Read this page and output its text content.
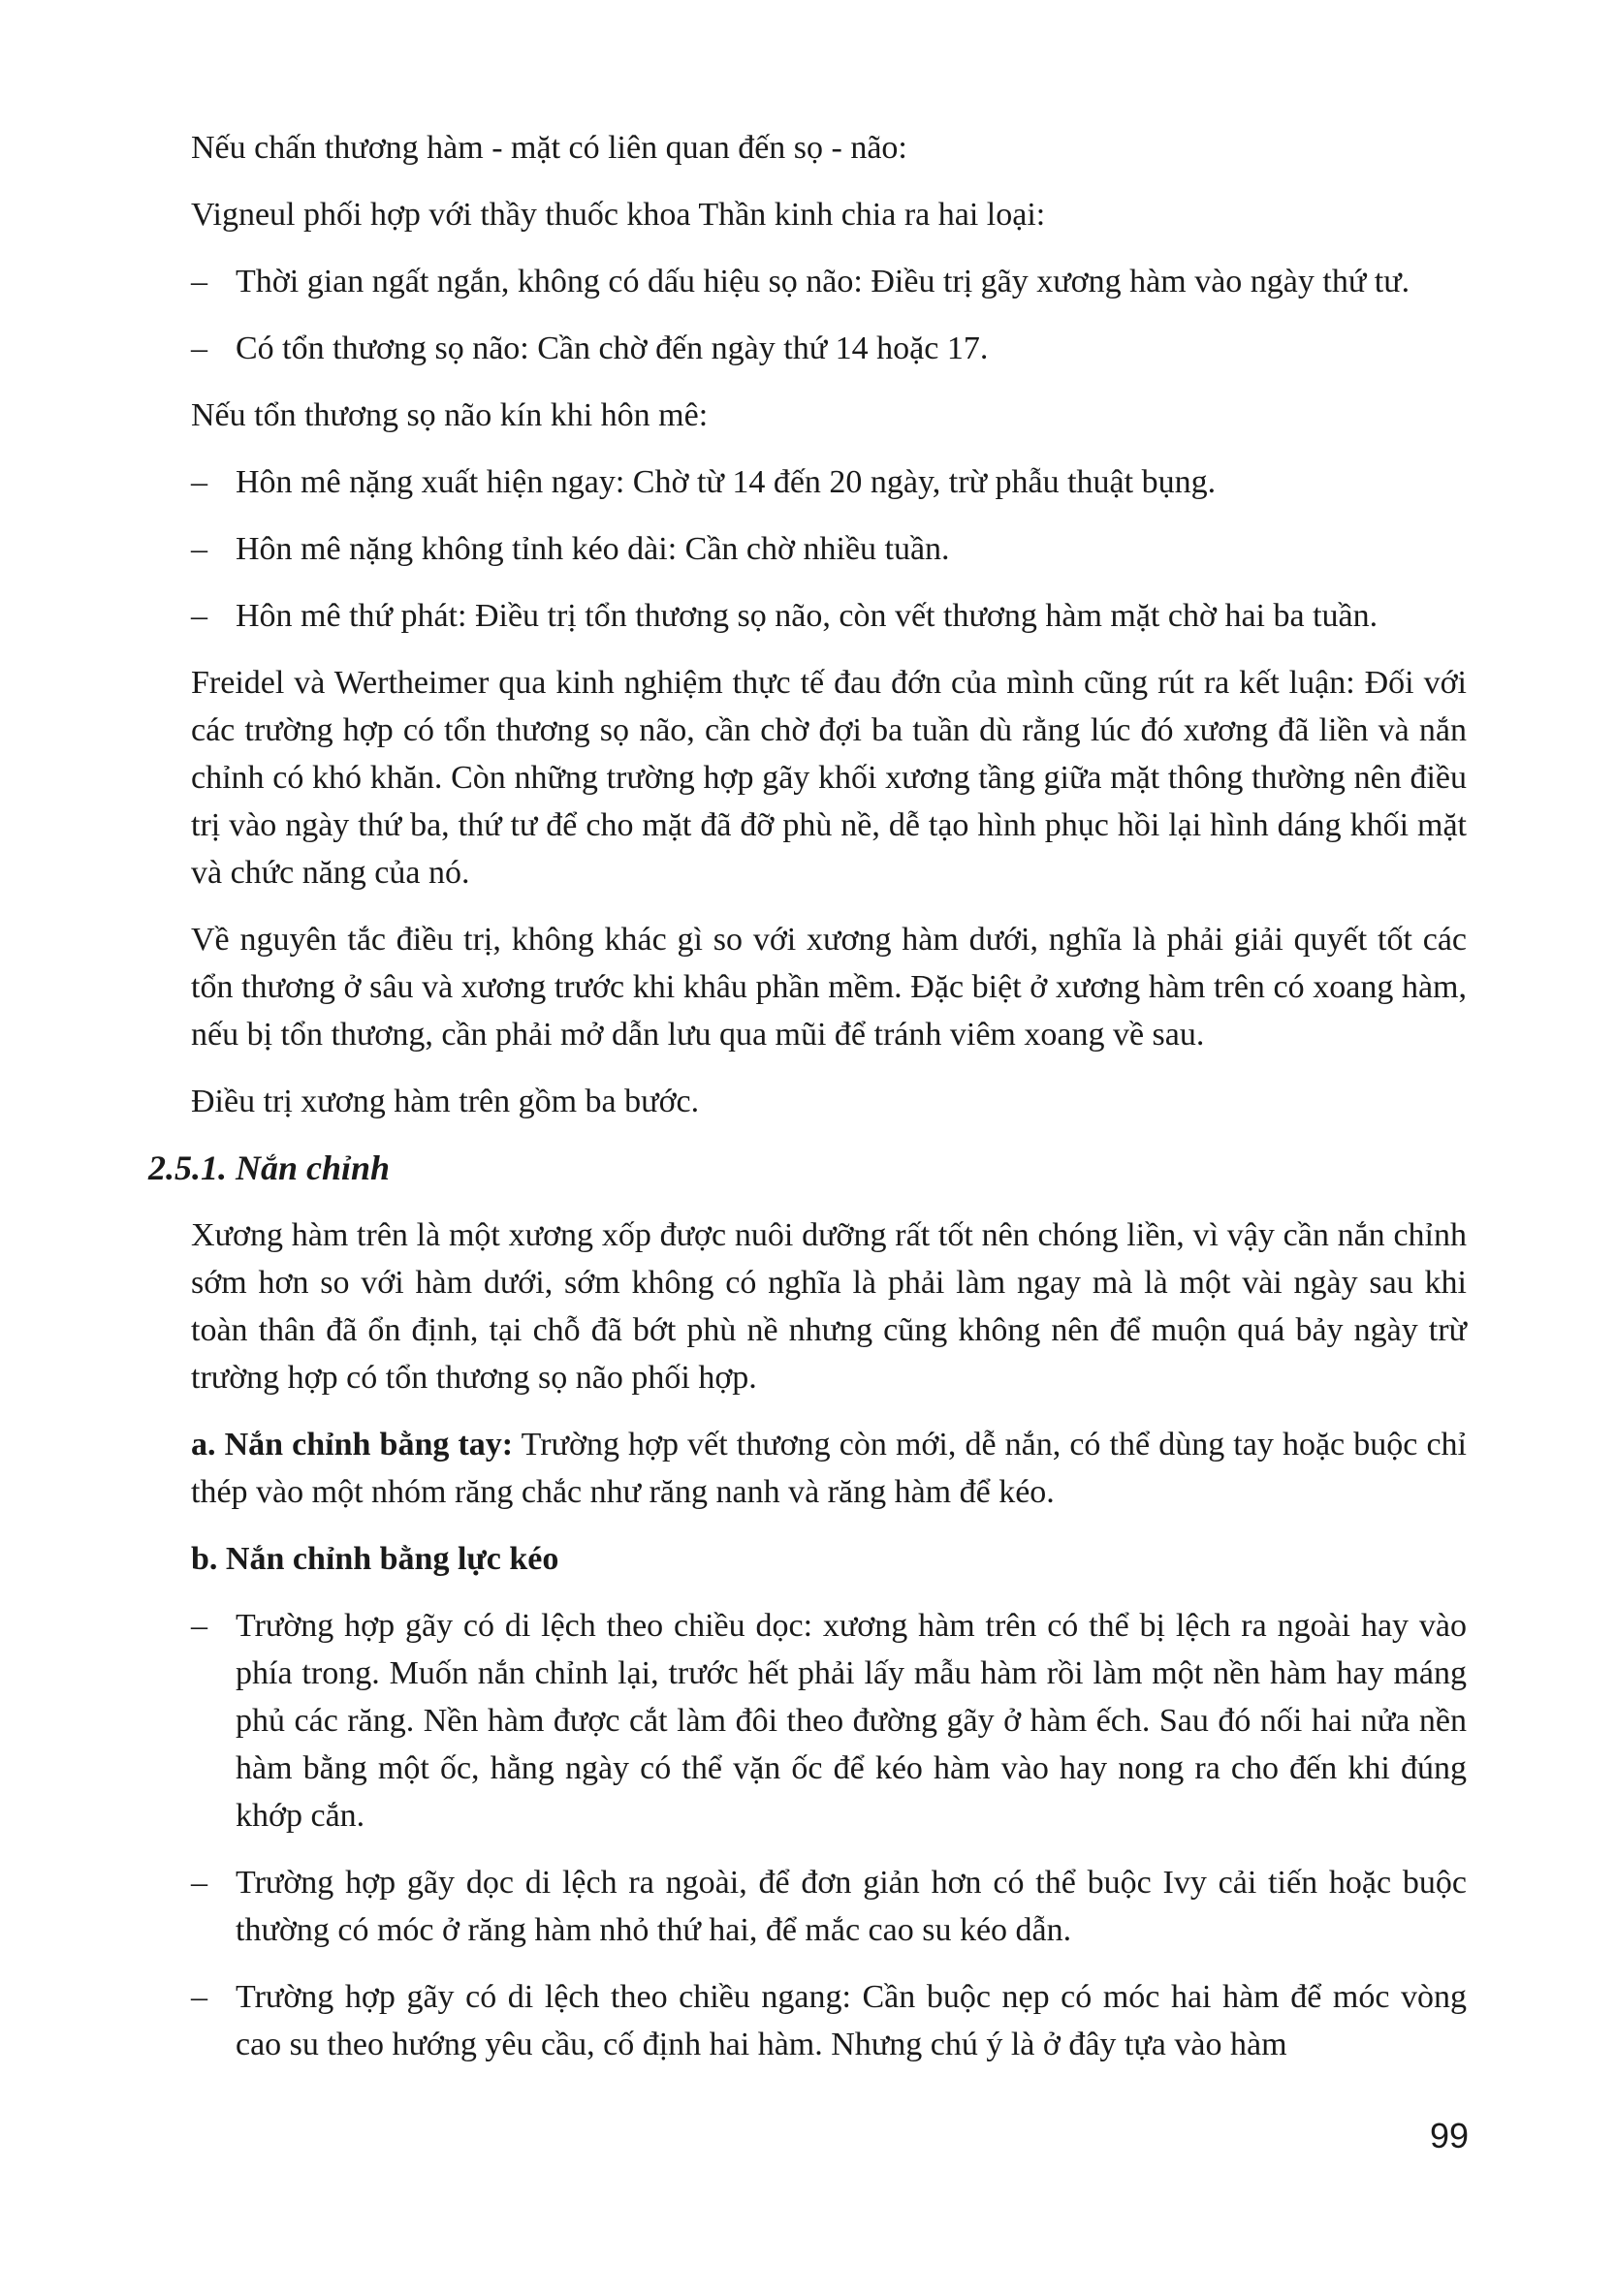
Nếu chấn thương hàm - mặt có liên quan đến sọ - não:

Vigneul phối hợp với thầy thuốc khoa Thần kinh chia ra hai loại:

– Thời gian ngất ngắn, không có dấu hiệu sọ não: Điều trị gãy xương hàm vào ngày thứ tư.
– Có tổn thương sọ não: Cần chờ đến ngày thứ 14 hoặc 17.

Nếu tổn thương sọ não kín khi hôn mê:

– Hôn mê nặng xuất hiện ngay: Chờ từ 14 đến 20 ngày, trừ phẫu thuật bụng.
– Hôn mê nặng không tỉnh kéo dài: Cần chờ nhiều tuần.
– Hôn mê thứ phát: Điều trị tổn thương sọ não, còn vết thương hàm mặt chờ hai ba tuần.

Freidel và Wertheimer qua kinh nghiệm thực tế đau đớn của mình cũng rút ra kết luận: Đối với các trường hợp có tổn thương sọ não, cần chờ đợi ba tuần dù rằng lúc đó xương đã liền và nắn chỉnh có khó khăn. Còn những trường hợp gãy khối xương tầng giữa mặt thông thường nên điều trị vào ngày thứ ba, thứ tư để cho mặt đã đỡ phù nề, dễ tạo hình phục hồi lại hình dáng khối mặt và chức năng của nó.

Về nguyên tắc điều trị, không khác gì so với xương hàm dưới, nghĩa là phải giải quyết tốt các tổn thương ở sâu và xương trước khi khâu phần mềm. Đặc biệt ở xương hàm trên có xoang hàm, nếu bị tổn thương, cần phải mở dẫn lưu qua mũi để tránh viêm xoang về sau.

Điều trị xương hàm trên gồm ba bước.

2.5.1. Nắn chỉnh

Xương hàm trên là một xương xốp được nuôi dưỡng rất tốt nên chóng liền, vì vậy cần nắn chỉnh sớm hơn so với hàm dưới, sớm không có nghĩa là phải làm ngay mà là một vài ngày sau khi toàn thân đã ổn định, tại chỗ đã bớt phù nề nhưng cũng không nên để muộn quá bảy ngày trừ trường hợp có tổn thương sọ não phối hợp.

a. Nắn chỉnh bằng tay: Trường hợp vết thương còn mới, dễ nắn, có thể dùng tay hoặc buộc chỉ thép vào một nhóm răng chắc như răng nanh và răng hàm để kéo.

b. Nắn chỉnh bằng lực kéo

– Trường hợp gãy có di lệch theo chiều dọc: xương hàm trên có thể bị lệch ra ngoài hay vào phía trong. Muốn nắn chỉnh lại, trước hết phải lấy mẫu hàm rồi làm một nền hàm hay máng phủ các răng. Nền hàm được cắt làm đôi theo đường gãy ở hàm ếch. Sau đó nối hai nửa nền hàm bằng một ốc, hằng ngày có thể vặn ốc để kéo hàm vào hay nong ra cho đến khi đúng khớp cắn.
– Trường hợp gãy dọc di lệch ra ngoài, để đơn giản hơn có thể buộc Ivy cải tiến hoặc buộc thường có móc ở răng hàm nhỏ thứ hai, để mắc cao su kéo dẫn.
– Trường hợp gãy có di lệch theo chiều ngang: Cần buộc nẹp có móc hai hàm để móc vòng cao su theo hướng yêu cầu, cố định hai hàm. Nhưng chú ý là ở đây tựa vào hàm
99
